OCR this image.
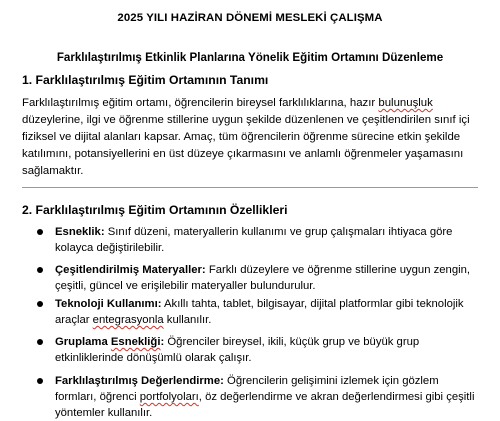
2025 YILI HAZİRAN DÖNEMİ MESLEKİ ÇALIŞMA
Farklılaştırılmış Etkinlik Planlarına Yönelik Eğitim Ortamını Düzenleme
1. Farklılaştırılmış Eğitim Ortamının Tanımı
Farklılaştırılmış eğitim ortamı, öğrencilerin bireysel farklılıklarına, hazır bulunuşluk
düzeylerine, ilgi ve öğrenme stillerine uygun şekilde düzenlenen ve çeşitlendirilen sınıf içi
fiziksel ve dijital alanları kapsar. Amaç, tüm öğrencilerin öğrenme sürecine etkin şekilde
katılımını, potansiyellerini en üst düzeye çıkarmasını ve anlamlı öğrenmeler yaşamasını
sağlamaktır.
2. Farklılaştırılmış Eğitim Ortamının Özellikleri
Esneklik: Sınıf düzeni, materyallerin kullanımı ve grup çalışmaları ihtiyaca göre
kolayca değiştirilebilir.
Çeşitlendirilmiş Materyaller: Farklı düzeylere ve öğrenme stillerine uygun zengin,
çeşitli, güncel ve erişilebilir materyaller bulundurulur.
Teknoloji Kullanımı: Akıllı tahta, tablet, bilgisayar, dijital platformlar gibi teknolojik
araçlar entegrasyonla kullanılır.
Gruplama Esnekliği: Öğrenciler bireysel, ikili, küçük grup ve büyük grup
etkinliklerinde dönüşümlü olarak çalışır.
Farklılaştırılmış Değerlendirme: Öğrencilerin gelişimini izlemek için gözlem
formları, öğrenci portfolyoları, öz değerlendirme ve akran değerlendirmesi gibi çeşitli
yöntemler kullanılır.
